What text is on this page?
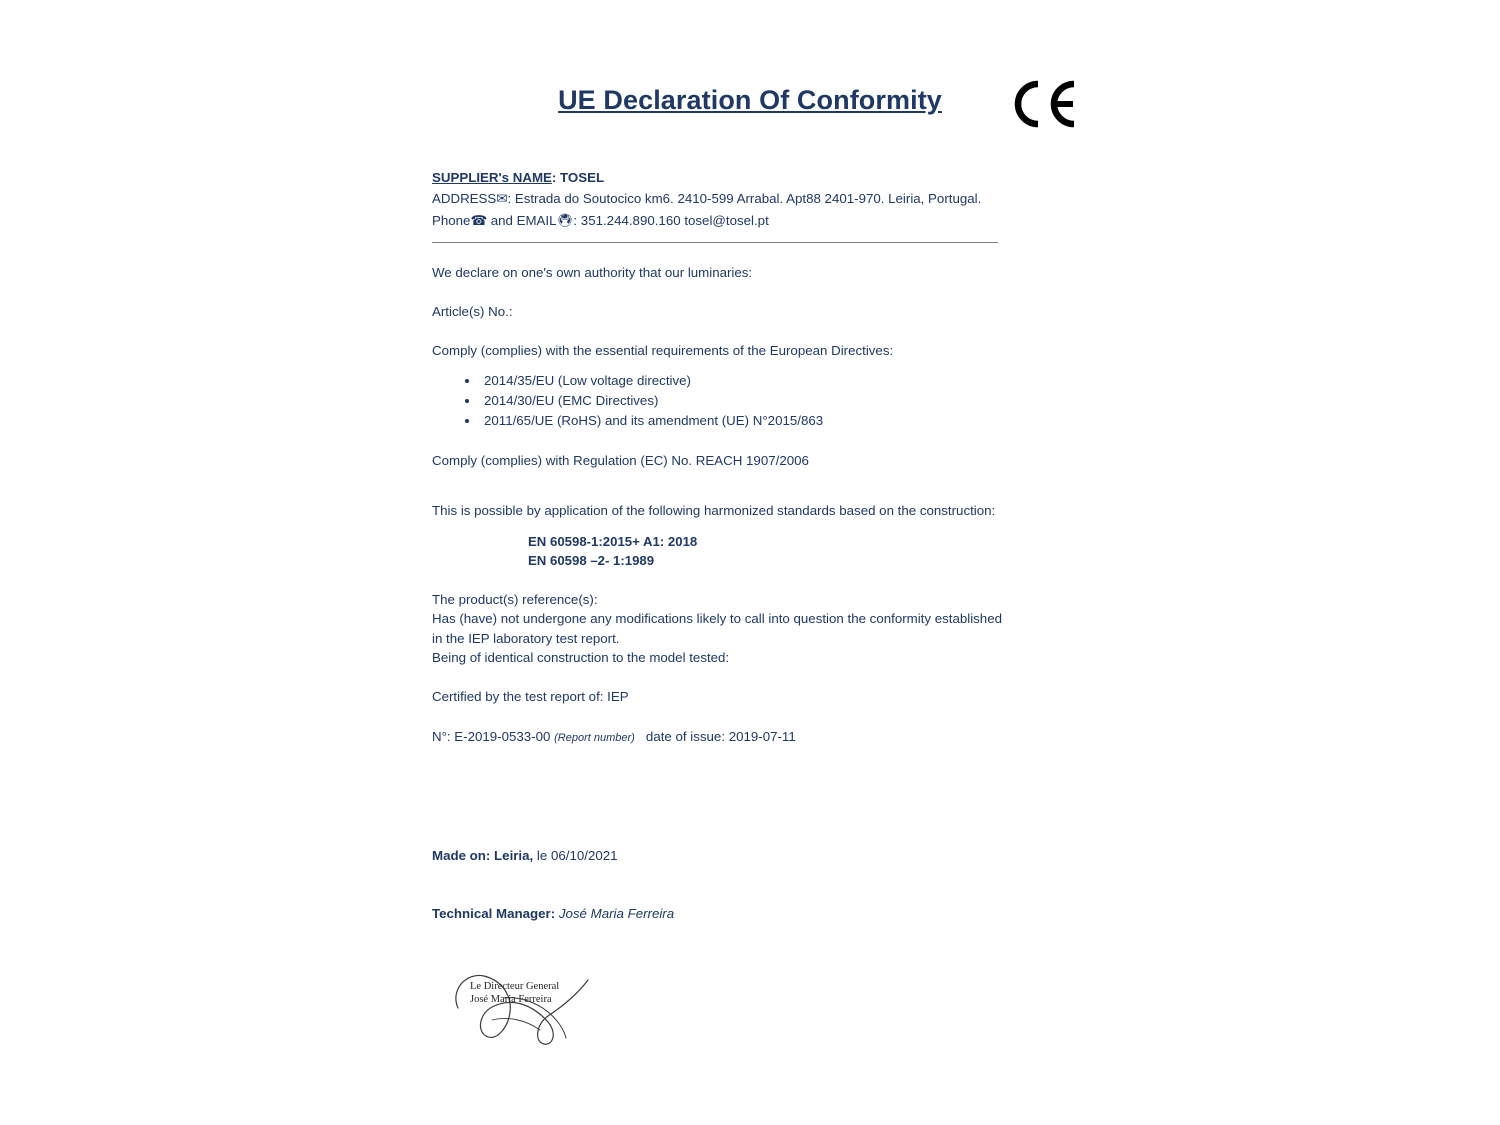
UE Declaration Of Conformity

SUPPLIER's NAME: TOSEL

ADDRESS✉: Estrada do Soutocico km6. 2410-599 Arrabal. Apt88 2401-970. Leiria, Portugal.

Phone☎ and EMAIL🖲: 351.244.890.160 tosel@tosel.pt

We declare on one's own authority that our luminaries:

Article(s) No.:

Comply (complies) with the essential requirements of the European Directives:

• 2014/35/EU (Low voltage directive)
• 2014/30/EU (EMC Directives)
• 2011/65/UE (RoHS) and its amendment (UE) N°2015/863

Comply (complies) with Regulation (EC) No. REACH 1907/2006

This is possible by application of the following harmonized standards based on the construction:

EN 60598-1:2015+ A1: 2018

EN 60598 –2- 1:1989

The product(s) reference(s):

Has (have) not undergone any modifications likely to call into question the conformity established in the IEP laboratory test report.

Being of identical construction to the model tested:

Certified by the test report of: IEP

N°: E-2019-0533-00 (Report number) date of issue: 2019-07-11

Made on: Leiria, le 06/10/2021
Technical Manager: José Maria Ferreira
Le Directeur General
José Maria Ferreira
